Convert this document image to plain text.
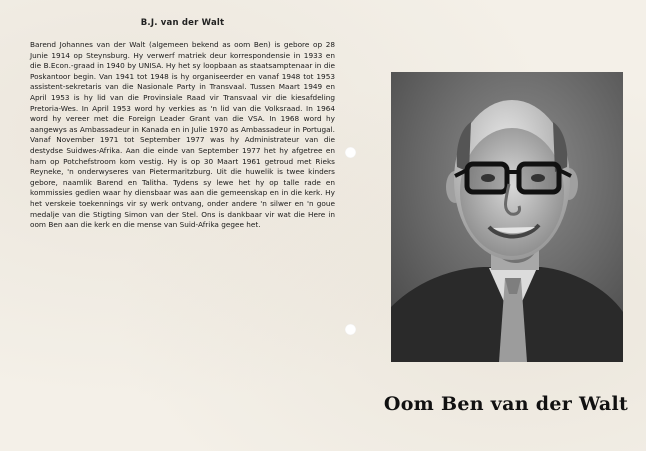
B.J. van der Walt

Barend Johannes van der Walt (algemeen bekend as oom Ben) is gebore op 28 Junie 1914 op Steynsburg. Hy verwerf matriek deur korrespondensie in 1933 en die B.Econ.-graad in 1940 by UNISA. Hy het sy loopbaan as staatsamptenaar in die Poskantoor begin. Van 1941 tot 1948 is hy organiseerder en vanaf 1948 tot 1953 assistent-sekretaris van die Nasionale Party in Transvaal. Tussen Maart 1949 en April 1953 is hy lid van die Provinsiale Raad vir Transvaal vir die kiesafdeling Pretoria-Wes. In April 1953 word hy verkies as 'n lid van die Volksraad. In 1964 word hy vereer met die Foreign Leader Grant van die VSA. In 1968 word hy aangewys as Ambassadeur in Kanada en in Julie 1970 as Ambassadeur in Portugal. Vanaf November 1971 tot September 1977 was hy Administrateur van die destydse Suidwes-Afrika. Aan die einde van September 1977 het hy afgetree en ham op Potchefstroom kom vestig. Hy is op 30 Maart 1961 getroud met Rieks Reyneke, 'n onderwyseres van Pietermaritzburg. Uit die huwelik is twee kinders gebore, naamlik Barend en Talitha. Tydens sy lewe het hy op talle rade en kommissies gedien waar hy diensbaar was aan die gemeenskap en in die kerk. Hy het verskeie toekennings vir sy werk ontvang, onder andere 'n silwer en 'n goue medalje van die Stigting Simon van der Stel. Ons is dankbaar vir wat die Here in oom Ben aan die kerk en die mense van Suid-Afrika gegee het.

Oom Ben van der Walt
